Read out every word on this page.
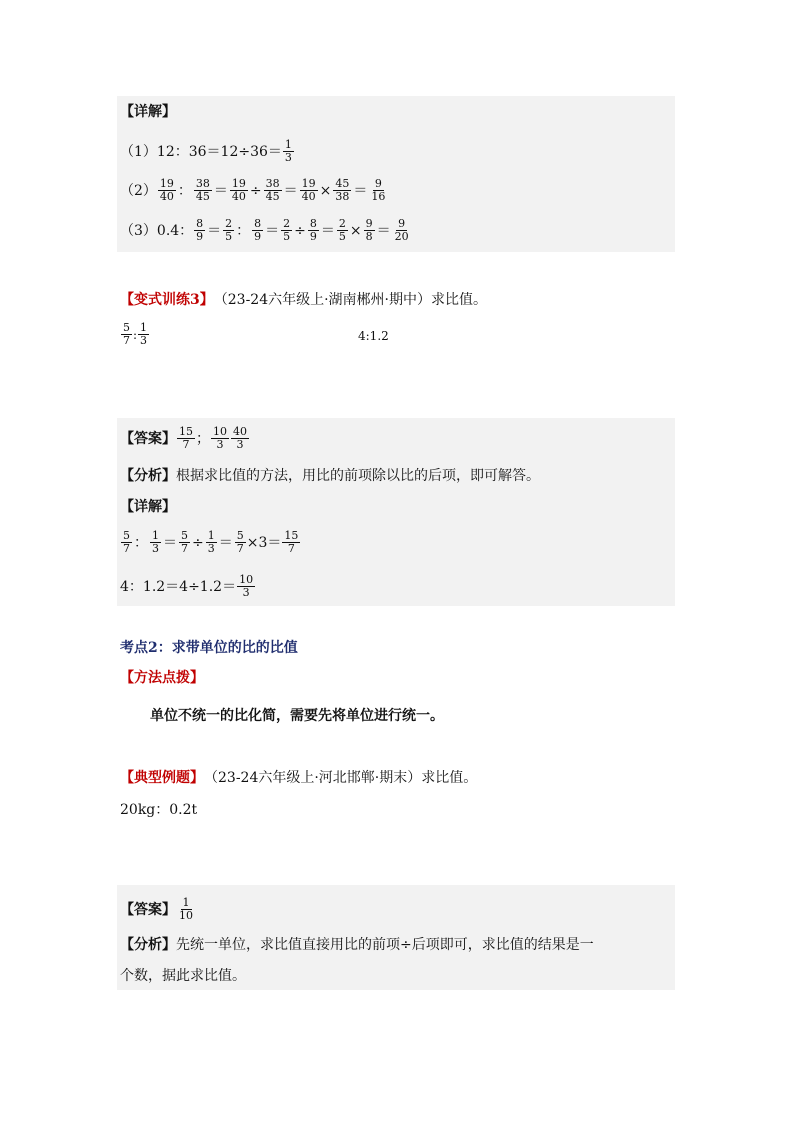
【详解】
（1）12：$36=12\div 36= \frac{1}{3}$
$(2) \frac{19}{40}$ ： $\frac{38}{45} = \frac{19}{40} \div \frac{38}{45} = \frac{19}{40} \times \frac{45}{38} = \frac{9}{16}$
（3）0.4： $\frac{8}{9} = \frac{2}{5}$ ： $\frac{8}{9} = \frac{2}{5} \div \frac{8}{9} = \frac{2}{5} \times \frac{9}{8} = \frac{9}{20}$
【变式训练3】 （23-24六年级上·湖南郴州·期中）求比值。
$\frac{5}{7}$ : $\frac{1}{3}$	4:1.2
【答案】 $\frac{15}{7}$ ； $\frac{10}{3} \frac{40}{3}$
【分析】 根据求比值的方法，用比的前项除以比的后项，即可解答。
【详解】
$\frac{5}{7}$ ： $\frac{1}{3} = \frac{5}{7} \div \frac{1}{3} = \frac{5}{7} \times 3= \frac{15}{7}$
4：$1.2=4\div 1.2= \frac{10}{3}$
考点2：求带单位的比的比值
【方法点拨】
单位不统一的比化简，需要先将单位进行统一。
【典型例题】 （23-24六年级上·河北邯郸·期末）求比值。
20kg：0.2t
【答案】 $\frac{1}{10}$
【分析】 先统一单位，求比值直接用比的前项÷后项即可，求比值的结果是一
个数，据此求比值。
